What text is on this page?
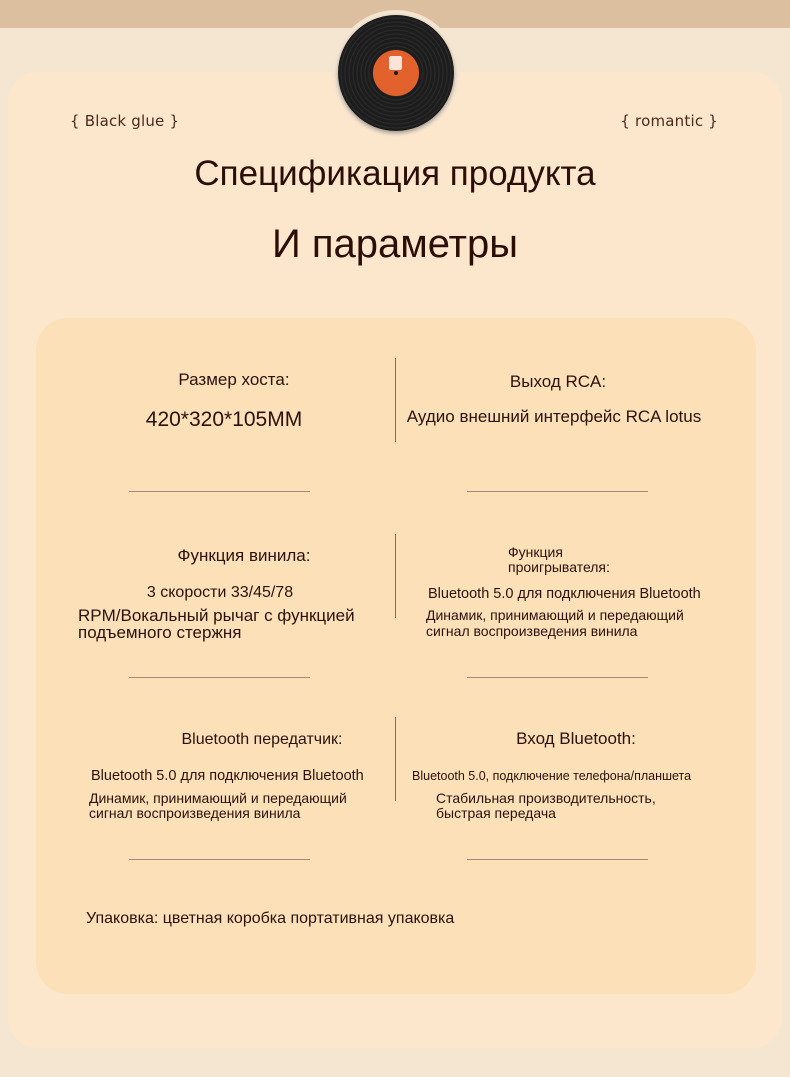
{ Black glue }	{ romantic }
Спецификация продукта
И параметры
Размер хоста:
420*320*105MM
Выход RCA:
Аудио внешний интерфейс RCA lotus
Функция винила:
3 скорости 33/45/78
RPM/Вокальный рычаг с функцией
подъемного стержня
Функция
проигрывателя:
Bluetooth 5.0 для подключения Bluetooth
Динамик, принимающий и передающий
сигнал воспроизведения винила
Bluetooth передатчик:
Bluetooth 5.0 для подключения Bluetooth
Динамик, принимающий и передающий
сигнал воспроизведения винила
Вход Bluetooth:
Bluetooth 5.0, подключение телефона/планшета
Стабильная производительность,
быстрая передача
Упаковка: цветная коробка портативная упаковка
